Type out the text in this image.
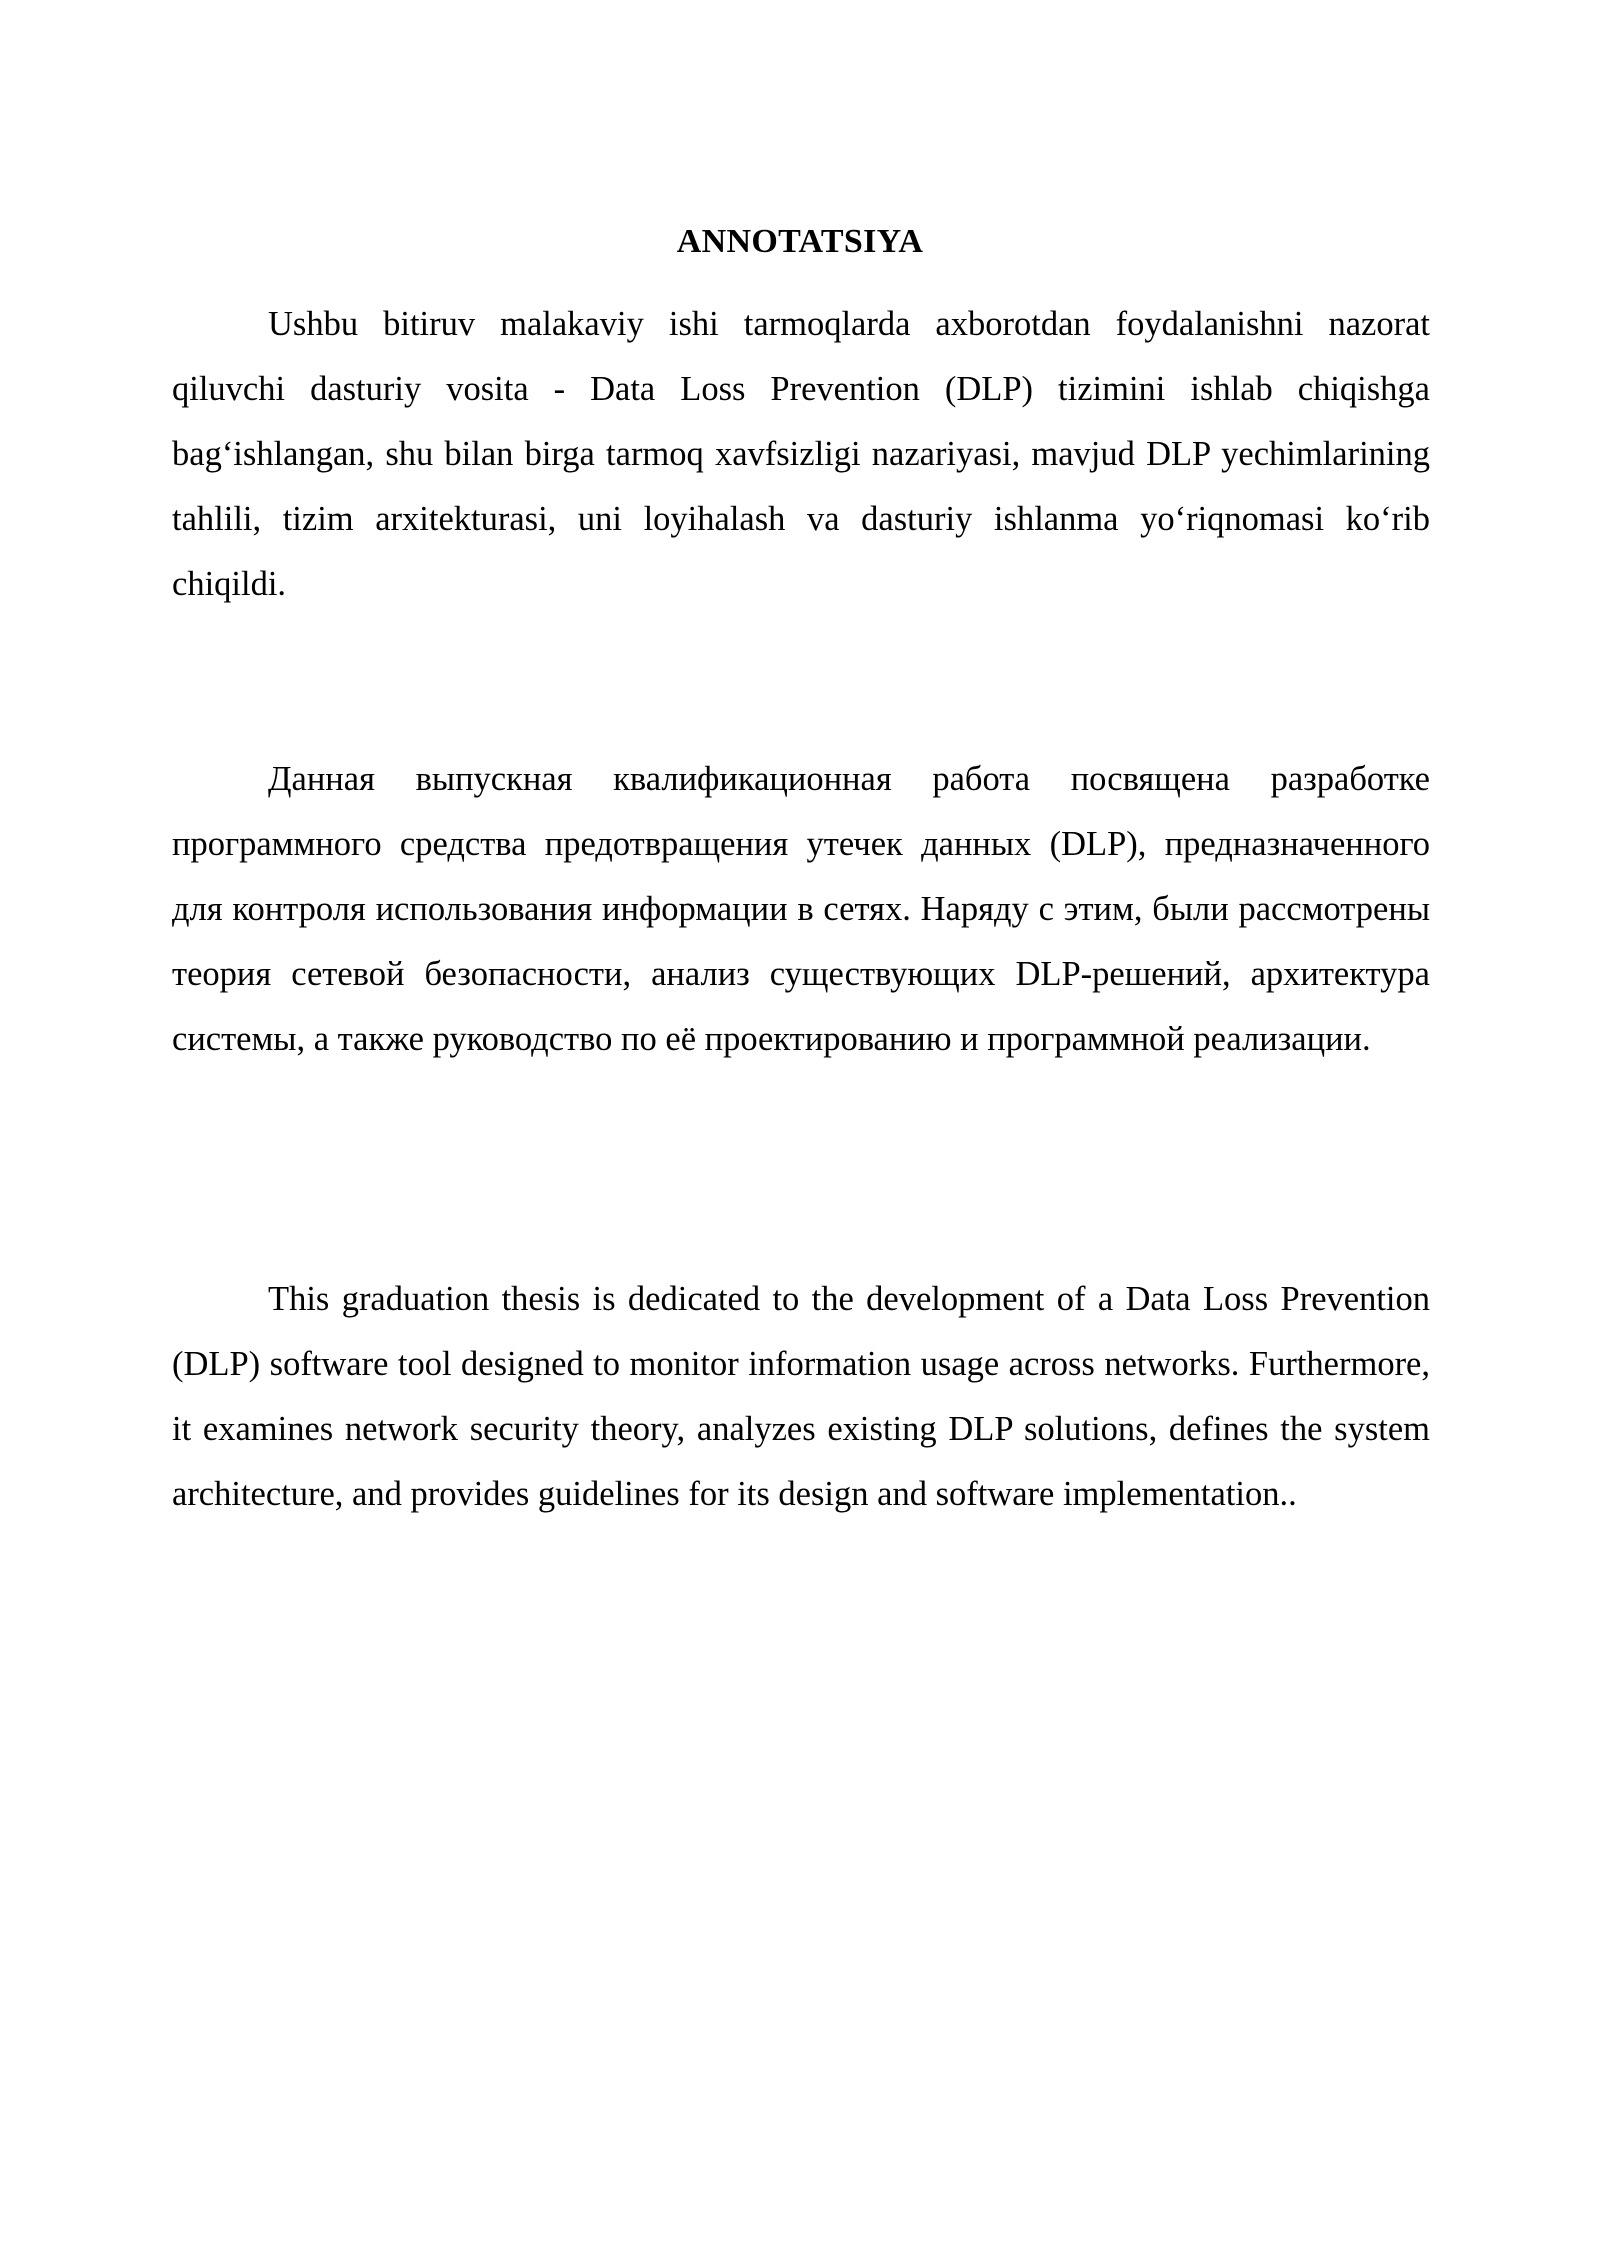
ANNOTATSIYA

Ushbu bitiruv malakaviy ishi tarmoqlarda axborotdan foydalanishni nazorat qiluvchi dasturiy vosita - Data Loss Prevention (DLP) tizimini ishlab chiqishga bag‘ishlangan, shu bilan birga tarmoq xavfsizligi nazariyasi, mavjud DLP yechimlarining tahlili, tizim arxitekturasi, uni loyihalash va dasturiy ishlanma yo‘riqnomasi ko‘rib chiqildi.

Данная выпускная квалификационная работа посвящена разработке программного средства предотвращения утечек данных (DLP), предназначенного для контроля использования информации в сетях. Наряду с этим, были рассмотрены теория сетевой безопасности, анализ существующих DLP-решений, архитектура системы, а также руководство по её проектированию и программной реализации.

This graduation thesis is dedicated to the development of a Data Loss Prevention (DLP) software tool designed to monitor information usage across networks. Furthermore, it examines network security theory, analyzes existing DLP solutions, defines the system architecture, and provides guidelines for its design and software implementation..
